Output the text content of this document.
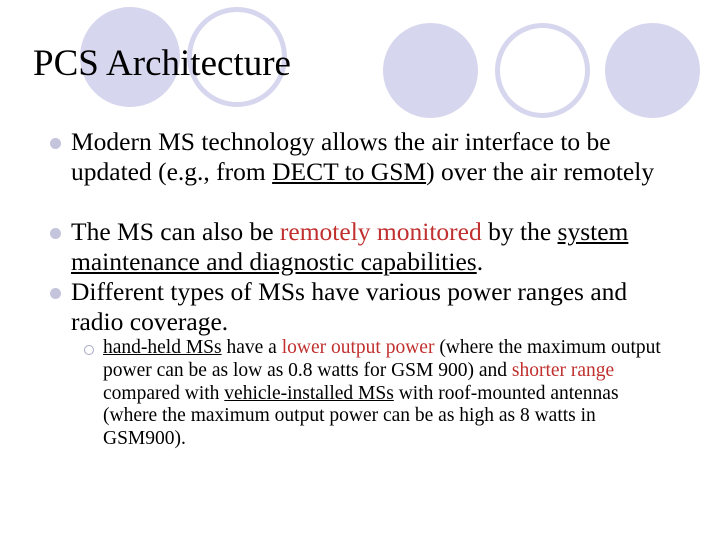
PCS Architecture

Modern MS technology allows the air interface to be updated (e.g., from DECT to GSM) over the air remotely

The MS can also be remotely monitored by the system maintenance and diagnostic capabilities.

Different types of MSs have various power ranges and radio coverage.

hand‑held MSs have a lower output power (where the maximum output power can be as low as 0.8 watts for GSM 900) and shorter range compared with vehicle‑installed MSs with roof‑mounted antennas (where the maximum output power can be as high as 8 watts in GSM900).
